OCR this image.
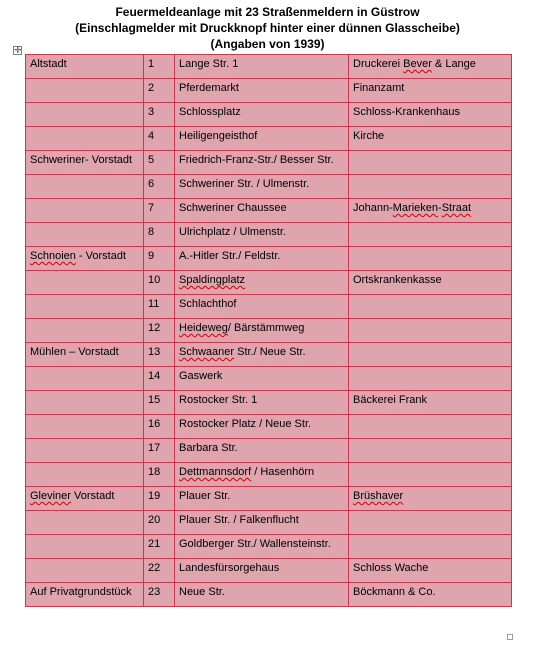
Feuermeldeanlage mit 23 Straßenmeldern in Güstrow
(Einschlagmelder mit Druckknopf hinter einer dünnen Glasscheibe)
(Angaben von 1939)
✛
Altstadt	1	Lange Str. 1	Druckerei Bever & Lange
	2	Pferdemarkt	Finanzamt
	3	Schlossplatz	Schloss-Krankenhaus
	4	Heiligengeisthof	Kirche
Schweriner- Vorstadt	5	Friedrich-Franz-Str./ Besser Str.	
	6	Schweriner Str. / Ulmenstr.	
	7	Schweriner Chaussee	Johann-Marieken-Straat
	8	Ulrichplatz / Ulmenstr.	
Schnoien - Vorstadt	9	A.-Hitler Str./ Feldstr.	
	10	Spaldingplatz	Ortskrankenkasse
	11	Schlachthof	
	12	Heideweg/ Bärstämmweg	
Mühlen – Vorstadt	13	Schwaaner Str./ Neue Str.	
	14	Gaswerk	
	15	Rostocker Str. 1	Bäckerei Frank
	16	Rostocker Platz / Neue Str.	
	17	Barbara Str.	
	18	Dettmannsdorf / Hasenhörn	
Gleviner Vorstadt	19	Plauer Str.	Brüshaver
	20	Plauer Str. / Falkenflucht	
	21	Goldberger Str./ Wallensteinstr.	
	22	Landesfürsorgehaus	Schloss Wache
Auf Privatgrundstück	23	Neue Str.	Böckmann & Co.
